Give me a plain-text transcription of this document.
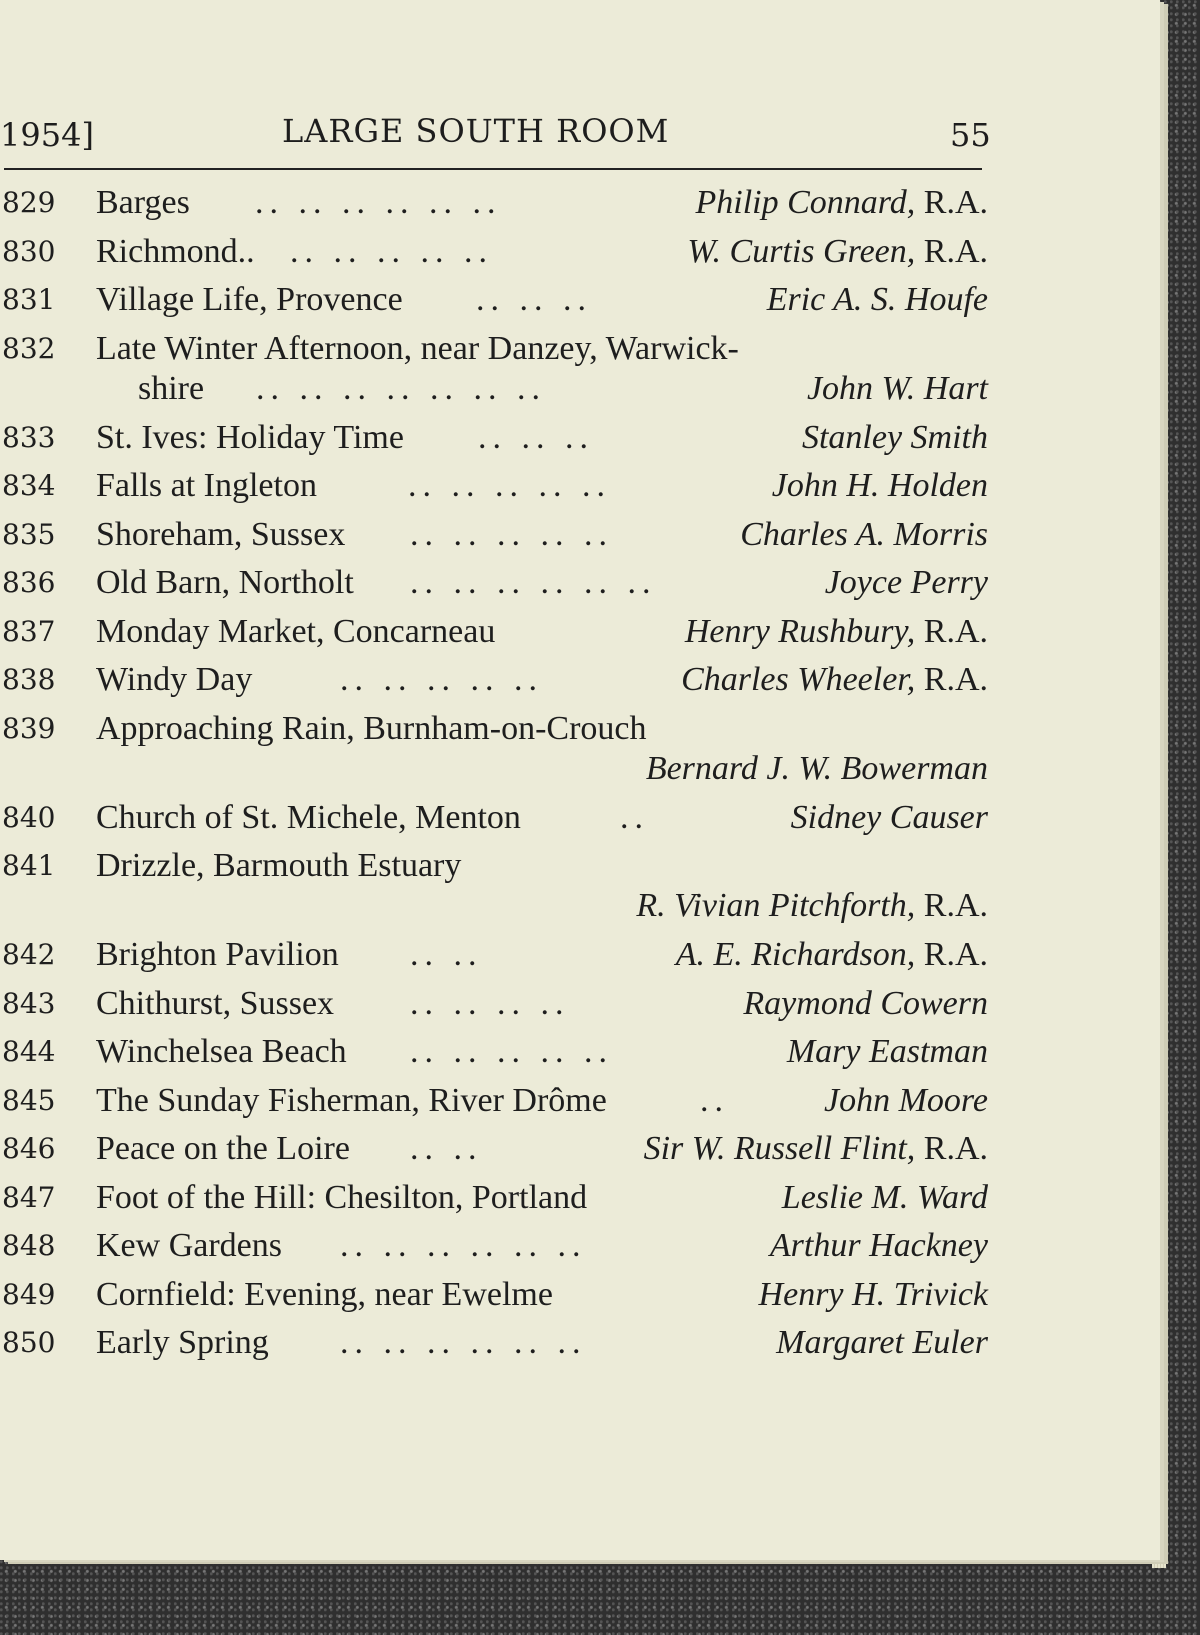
1954]	LARGE SOUTH ROOM	55
829	Barges .. .. .. .. .. ..	Philip Connard, R.A.
830	Richmond.. .. .. .. .. ..	W. Curtis Green, R.A.
831	Village Life, Provence .. .. ..	Eric A. S. Houfe
832	Late Winter Afternoon, near Danzey, Warwick-
shire .. .. .. .. .. .. ..	John W. Hart
833	St. Ives: Holiday Time .. .. ..	Stanley Smith
834	Falls at Ingleton	.. .. .. .. ..	John H. Holden
835	Shoreham, Sussex .. .. .. .. ..	Charles A. Morris
836	Old Barn, Northolt .. .. .. .. .. ..	Joyce Perry
837	Monday Market, Concarneau	Henry Rushbury, R.A.
838	Windy Day	.. .. .. .. ..	Charles Wheeler, R.A.
839	Approaching Rain, Burnham-on-Crouch
Bernard J. W. Bowerman
840	Church of St. Michele, Menton	..	Sidney Causer
841	Drizzle, Barmouth Estuary
R. Vivian Pitchforth, R.A.
842	Brighton Pavilion .. ..	A. E. Richardson, R.A.
843	Chithurst, Sussex .. .. .. ..	Raymond Cowern
844	Winchelsea Beach .. .. .. .. ..	Mary Eastman
845	The Sunday Fisherman, River Drôme	..	John Moore
846	Peace on the Loire .. ..	Sir W. Russell Flint, R.A.
847	Foot of the Hill: Chesilton, Portland	Leslie M. Ward
848	Kew Gardens .. .. .. .. .. ..	Arthur Hackney
849	Cornfield: Evening, near Ewelme	Henry H. Trivick
850	Early Spring .. .. .. .. .. ..	Margaret Euler
